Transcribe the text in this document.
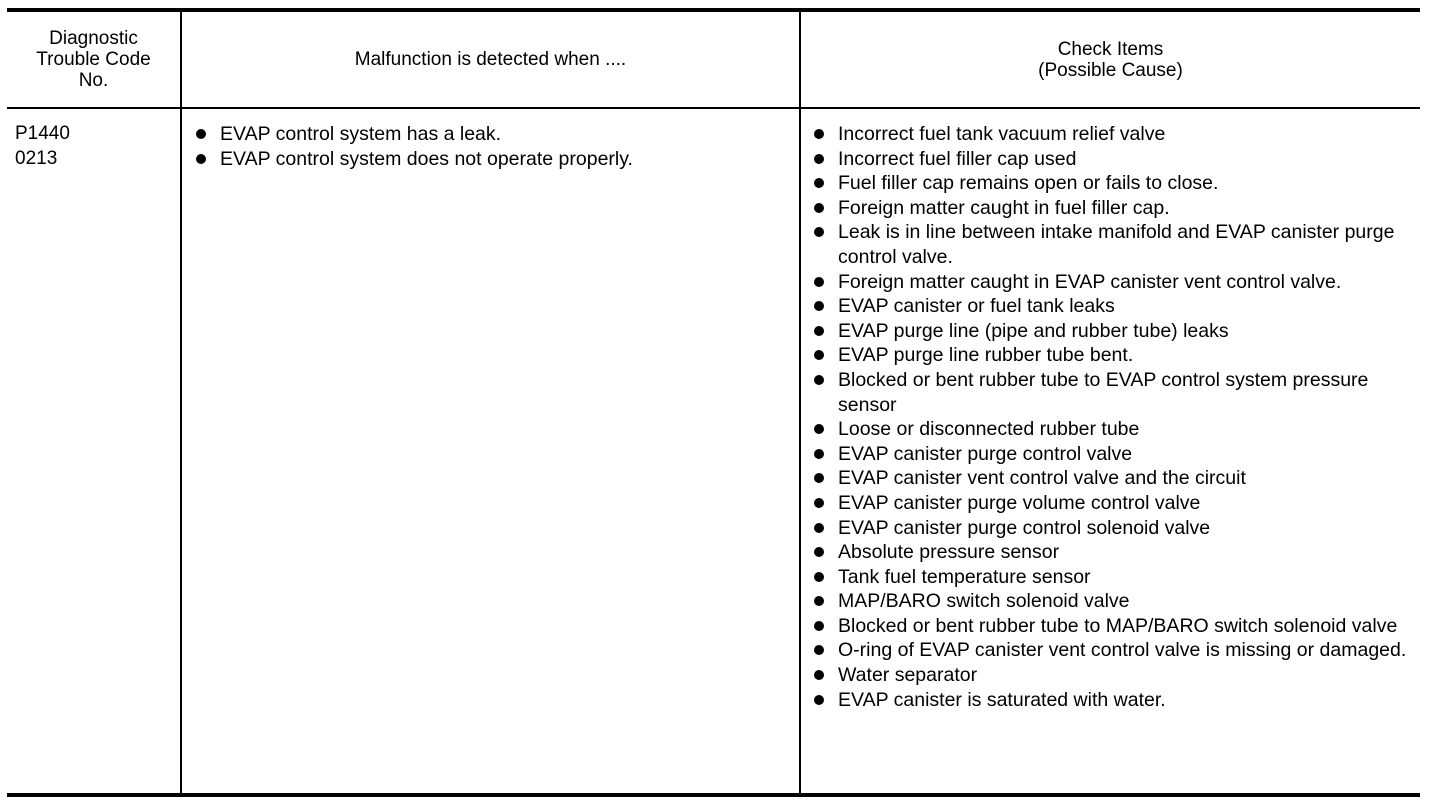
Diagnostic
Trouble Code
No.
Malfunction is detected when ....	Check Items
(Possible Cause)
P1440
0213
EVAP control system has a leak.
EVAP control system does not operate properly.
Incorrect fuel tank vacuum relief valve
Incorrect fuel filler cap used
Fuel filler cap remains open or fails to close.
Foreign matter caught in fuel filler cap.
Leak is in line between intake manifold and EVAP canister purge control valve.
Foreign matter caught in EVAP canister vent control valve.
EVAP canister or fuel tank leaks
EVAP purge line (pipe and rubber tube) leaks
EVAP purge line rubber tube bent.
Blocked or bent rubber tube to EVAP control system pressure sensor
Loose or disconnected rubber tube
EVAP canister purge control valve
EVAP canister vent control valve and the circuit
EVAP canister purge volume control valve
EVAP canister purge control solenoid valve
Absolute pressure sensor
Tank fuel temperature sensor
MAP/BARO switch solenoid valve
Blocked or bent rubber tube to MAP/BARO switch solenoid valve
O-ring of EVAP canister vent control valve is missing or damaged.
Water separator
EVAP canister is saturated with water.
